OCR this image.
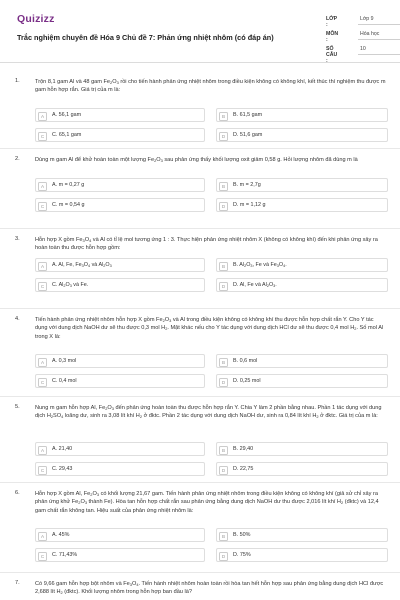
Quizizz
Trắc nghiệm chuyên đề Hóa 9 Chủ đề 7: Phản ứng nhiệt nhôm (có đáp án)
LỚP :
Lớp 9
MÔN :
Hóa học
SỐ CÂU :
10
1.	Trộn 8,1 gam Al và 48 gam $Fe_2O_3$ rồi cho tiến hành phản ứng nhiệt nhôm trong điều kiện không có không khí, kết thúc thí nghiệm thu được m gam hỗn hợp rắn. Giá trị của m là:
A	A. 56,1 gam	B	B. 61,5 gam
C	C. 65,1 gam	D	D. 51,6 gam
2.	Dùng m gam Al để khử hoàn toàn một lượng $Fe_2O_3$ sau phản ứng thấy khối lượng oxit giảm 0,58 g. Hỏi lượng nhôm đã dùng m là
A	A. m = 0,27 g	B	B. m = 2,7g
C	C. m = 0,54 g	D	D. m = 1,12 g
3.	Hỗn hợp X gồm $Fe_3O_4$ và Al có tỉ lệ mol tương ứng 1 : 3. Thực hiện phản ứng nhiệt nhôm X (không có không khí) đến khi phản ứng xảy ra hoàn toàn thu được hỗn hợp gồm:
A	A. Al, Fe, $Fe_3O_4$ và $Al_2O_3$	B	B. $Al_2O_3$, Fe và $Fe_3O_4$.
C	C. $Al_2O_3$ và Fe.	D	D. Al, Fe và $Al_2O_3$.
4.	Tiến hành phản ứng nhiệt nhôm hỗn hợp X gồm $Fe_2O_3$ và Al trong điều kiện không có không khí thu được hỗn hợp chất rắn Y. Cho Y tác dụng với dung dịch NaOH dư sẽ thu được 0,3 mol $H_2$. Mặt khác nếu cho Y tác dụng với dung dịch HCl dư sẽ thu được 0,4 mol $H_2$. Số mol Al trong X là:
A	A. 0,3 mol	B	B. 0,6 mol
C	C. 0,4 mol	D	D. 0,25 mol
5.	Nung m gam hỗn hợp Al, $Fe_2O_3$ đến phản ứng hoàn toàn thu được hỗn hợp rắn Y. Chia Y làm 2 phần bằng nhau. Phần 1 tác dụng với dung dịch $H_2SO_4$ loãng dư, sinh ra 3,08 lít khí $H_2$ ở đktc. Phần 2 tác dụng với dung dịch NaOH dư, sinh ra 0,84 lít khí $H_2$ ở đktc. Giá trị của m là:
A	A. 21,40	B	B. 29,40
C	C. 29,43	D	D. 22,75
6.	Hỗn hợp X gồm Al, $Fe_2O_3$ có khối lượng 21,67 gam. Tiến hành phản ứng nhiệt nhôm trong điều kiện không có không khí (giả sử chỉ xảy ra phản ứng khử $Fe_2O_3$ thành Fe). Hòa tan hỗn hợp chất rắn sau phản ứng bằng dung dịch NaOH dư thu được 2,016 lít khí $H_2$ (đktc) và 12,4 gam chất rắn không tan. Hiệu suất của phản ứng nhiệt nhôm là:
A	A. 45%	B	B. 50%
C	C. 71,43%	D	D. 75%
7.	Có 9,66 gam hỗn hợp bột nhôm và $Fe_3O_4$. Tiến hành nhiệt nhôm hoàn toàn rồi hòa tan hết hỗn hợp sau phản ứng bằng dung dịch HCl được 2,688 lít $H_2$ (đktc). Khối lượng nhôm trong hỗn hợp ban đầu là?
